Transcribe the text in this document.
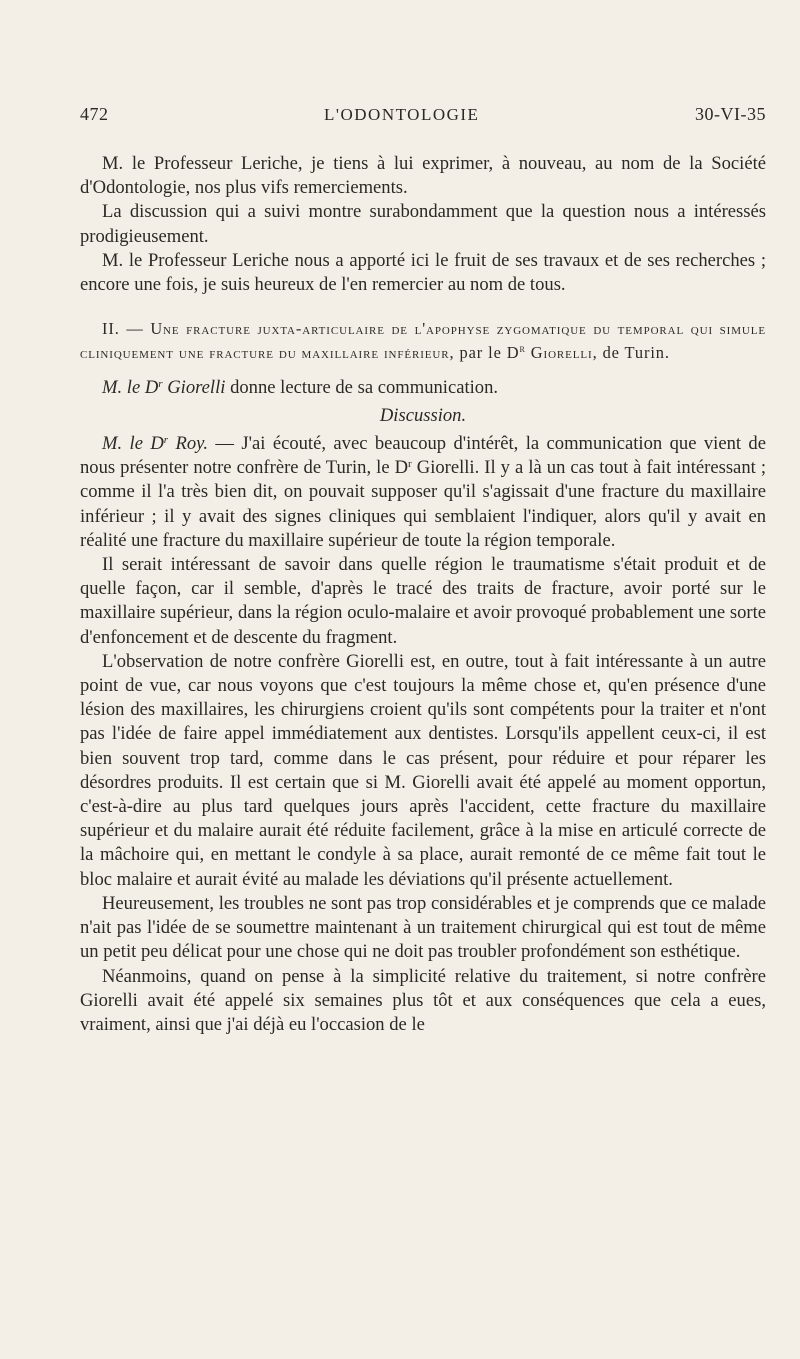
472	L'ODONTOLOGIE	30-VI-35

M. le Professeur Leriche, je tiens à lui exprimer, à nouveau, au nom de la Société d'Odontologie, nos plus vifs remerciements.

La discussion qui a suivi montre surabondamment que la question nous a intéressés prodigieusement.

M. le Professeur Leriche nous a apporté ici le fruit de ses travaux et de ses recherches ; encore une fois, je suis heureux de l'en remercier au nom de tous.

II. — Une fracture juxta-articulaire de l'apophyse zygomatique du temporal qui simule cliniquement une fracture du maxillaire inférieur, par le $D^r$ Giorelli, de Turin.

M. le $D^r$ Giorelli donne lecture de sa communication.

Discussion.

M. le $D^r$ Roy. — J'ai écouté, avec beaucoup d'intérêt, la communication que vient de nous présenter notre confrère de Turin, le $D^r$ Giorelli. Il y a là un cas tout à fait intéressant ; comme il l'a très bien dit, on pouvait supposer qu'il s'agissait d'une fracture du maxillaire inférieur ; il y avait des signes cliniques qui semblaient l'indiquer, alors qu'il y avait en réalité une fracture du maxillaire supérieur de toute la région temporale.

Il serait intéressant de savoir dans quelle région le traumatisme s'était produit et de quelle façon, car il semble, d'après le tracé des traits de fracture, avoir porté sur le maxillaire supérieur, dans la région oculo-malaire et avoir provoqué probablement une sorte d'enfoncement et de descente du fragment.

L'observation de notre confrère Giorelli est, en outre, tout à fait intéressante à un autre point de vue, car nous voyons que c'est toujours la même chose et, qu'en présence d'une lésion des maxillaires, les chirurgiens croient qu'ils sont compétents pour la traiter et n'ont pas l'idée de faire appel immédiatement aux dentistes. Lorsqu'ils appellent ceux-ci, il est bien souvent trop tard, comme dans le cas présent, pour réduire et pour réparer les désordres produits. Il est certain que si M. Giorelli avait été appelé au moment opportun, c'est-à-dire au plus tard quelques jours après l'accident, cette fracture du maxillaire supérieur et du malaire aurait été réduite facilement, grâce à la mise en articulé correcte de la mâchoire qui, en mettant le condyle à sa place, aurait remonté de ce même fait tout le bloc malaire et aurait évité au malade les déviations qu'il présente actuellement.

Heureusement, les troubles ne sont pas trop considérables et je comprends que ce malade n'ait pas l'idée de se soumettre maintenant à un traitement chirurgical qui est tout de même un petit peu délicat pour une chose qui ne doit pas troubler profondément son esthétique.

Néanmoins, quand on pense à la simplicité relative du traitement, si notre confrère Giorelli avait été appelé six semaines plus tôt et aux conséquences que cela a eues, vraiment, ainsi que j'ai déjà eu l'occasion de le
